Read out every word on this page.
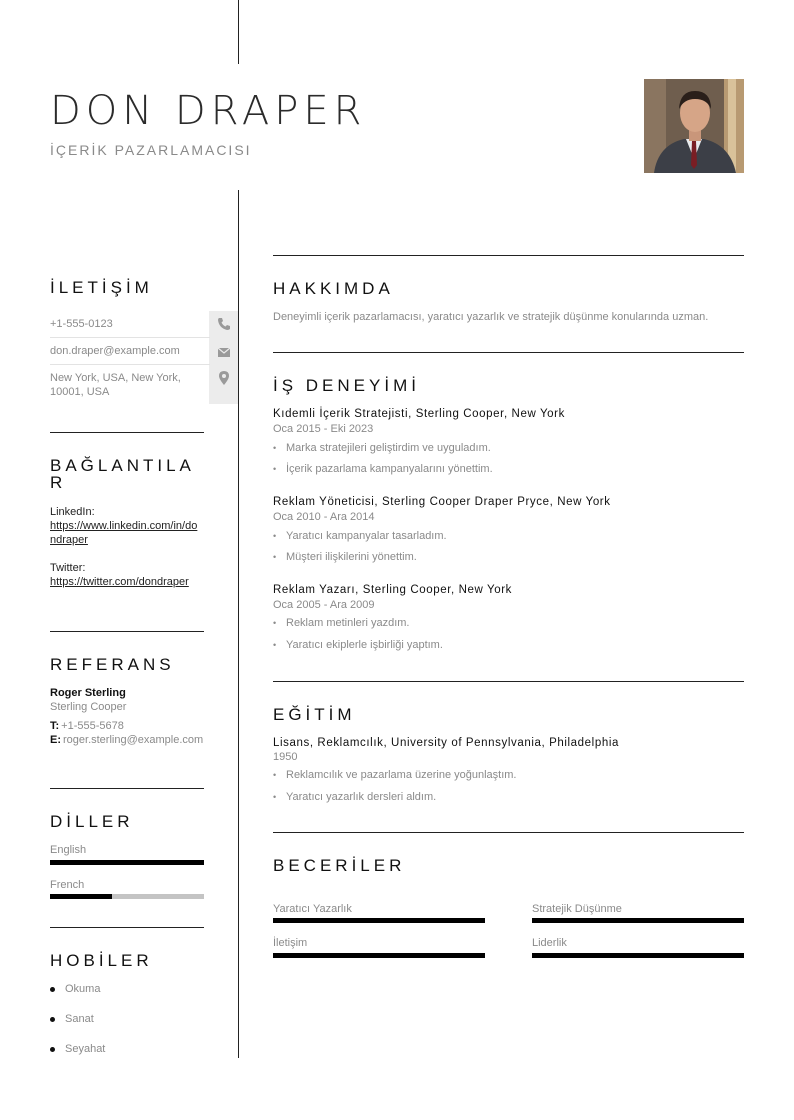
DON DRAPER
İÇERİK PAZARLAMACISI
İLETİŞİM
+1-555-0123
don.draper@example.com
New York, USA, New York, 10001, USA
BAĞLANTILA R
LinkedIn:
https://www.linkedin.com/in/dondraper
Twitter:
https://twitter.com/dondraper
REFERANS
Roger Sterling
Sterling Cooper
T: +1-555-5678
E: roger.sterling@example.com
DİLLER
English
French
HOBİLER
Okuma
Sanat
Seyahat
HAKKIMDA
Deneyimli içerik pazarlamacısı, yaratıcı yazarlık ve stratejik düşünme konularında uzman.
İŞ DENEYİMİ
Kıdemli İçerik Stratejisti, Sterling Cooper, New York
Oca 2015 - Eki 2023
• Marka stratejileri geliştirdim ve uyguladım.
• İçerik pazarlama kampanyalarını yönettim.
Reklam Yöneticisi, Sterling Cooper Draper Pryce, New York
Oca 2010 - Ara 2014
• Yaratıcı kampanyalar tasarladım.
• Müşteri ilişkilerini yönettim.
Reklam Yazarı, Sterling Cooper, New York
Oca 2005 - Ara 2009
• Reklam metinleri yazdım.
• Yaratıcı ekiplerle işbirliği yaptım.
EĞİTİM
Lisans, Reklamcılık, University of Pennsylvania, Philadelphia
1950
• Reklamcılık ve pazarlama üzerine yoğunlaştım.
• Yaratıcı yazarlık dersleri aldım.
BECERİLER
Yaratıcı Yazarlık	Stratejik Düşünme
İletişim	Liderlik
